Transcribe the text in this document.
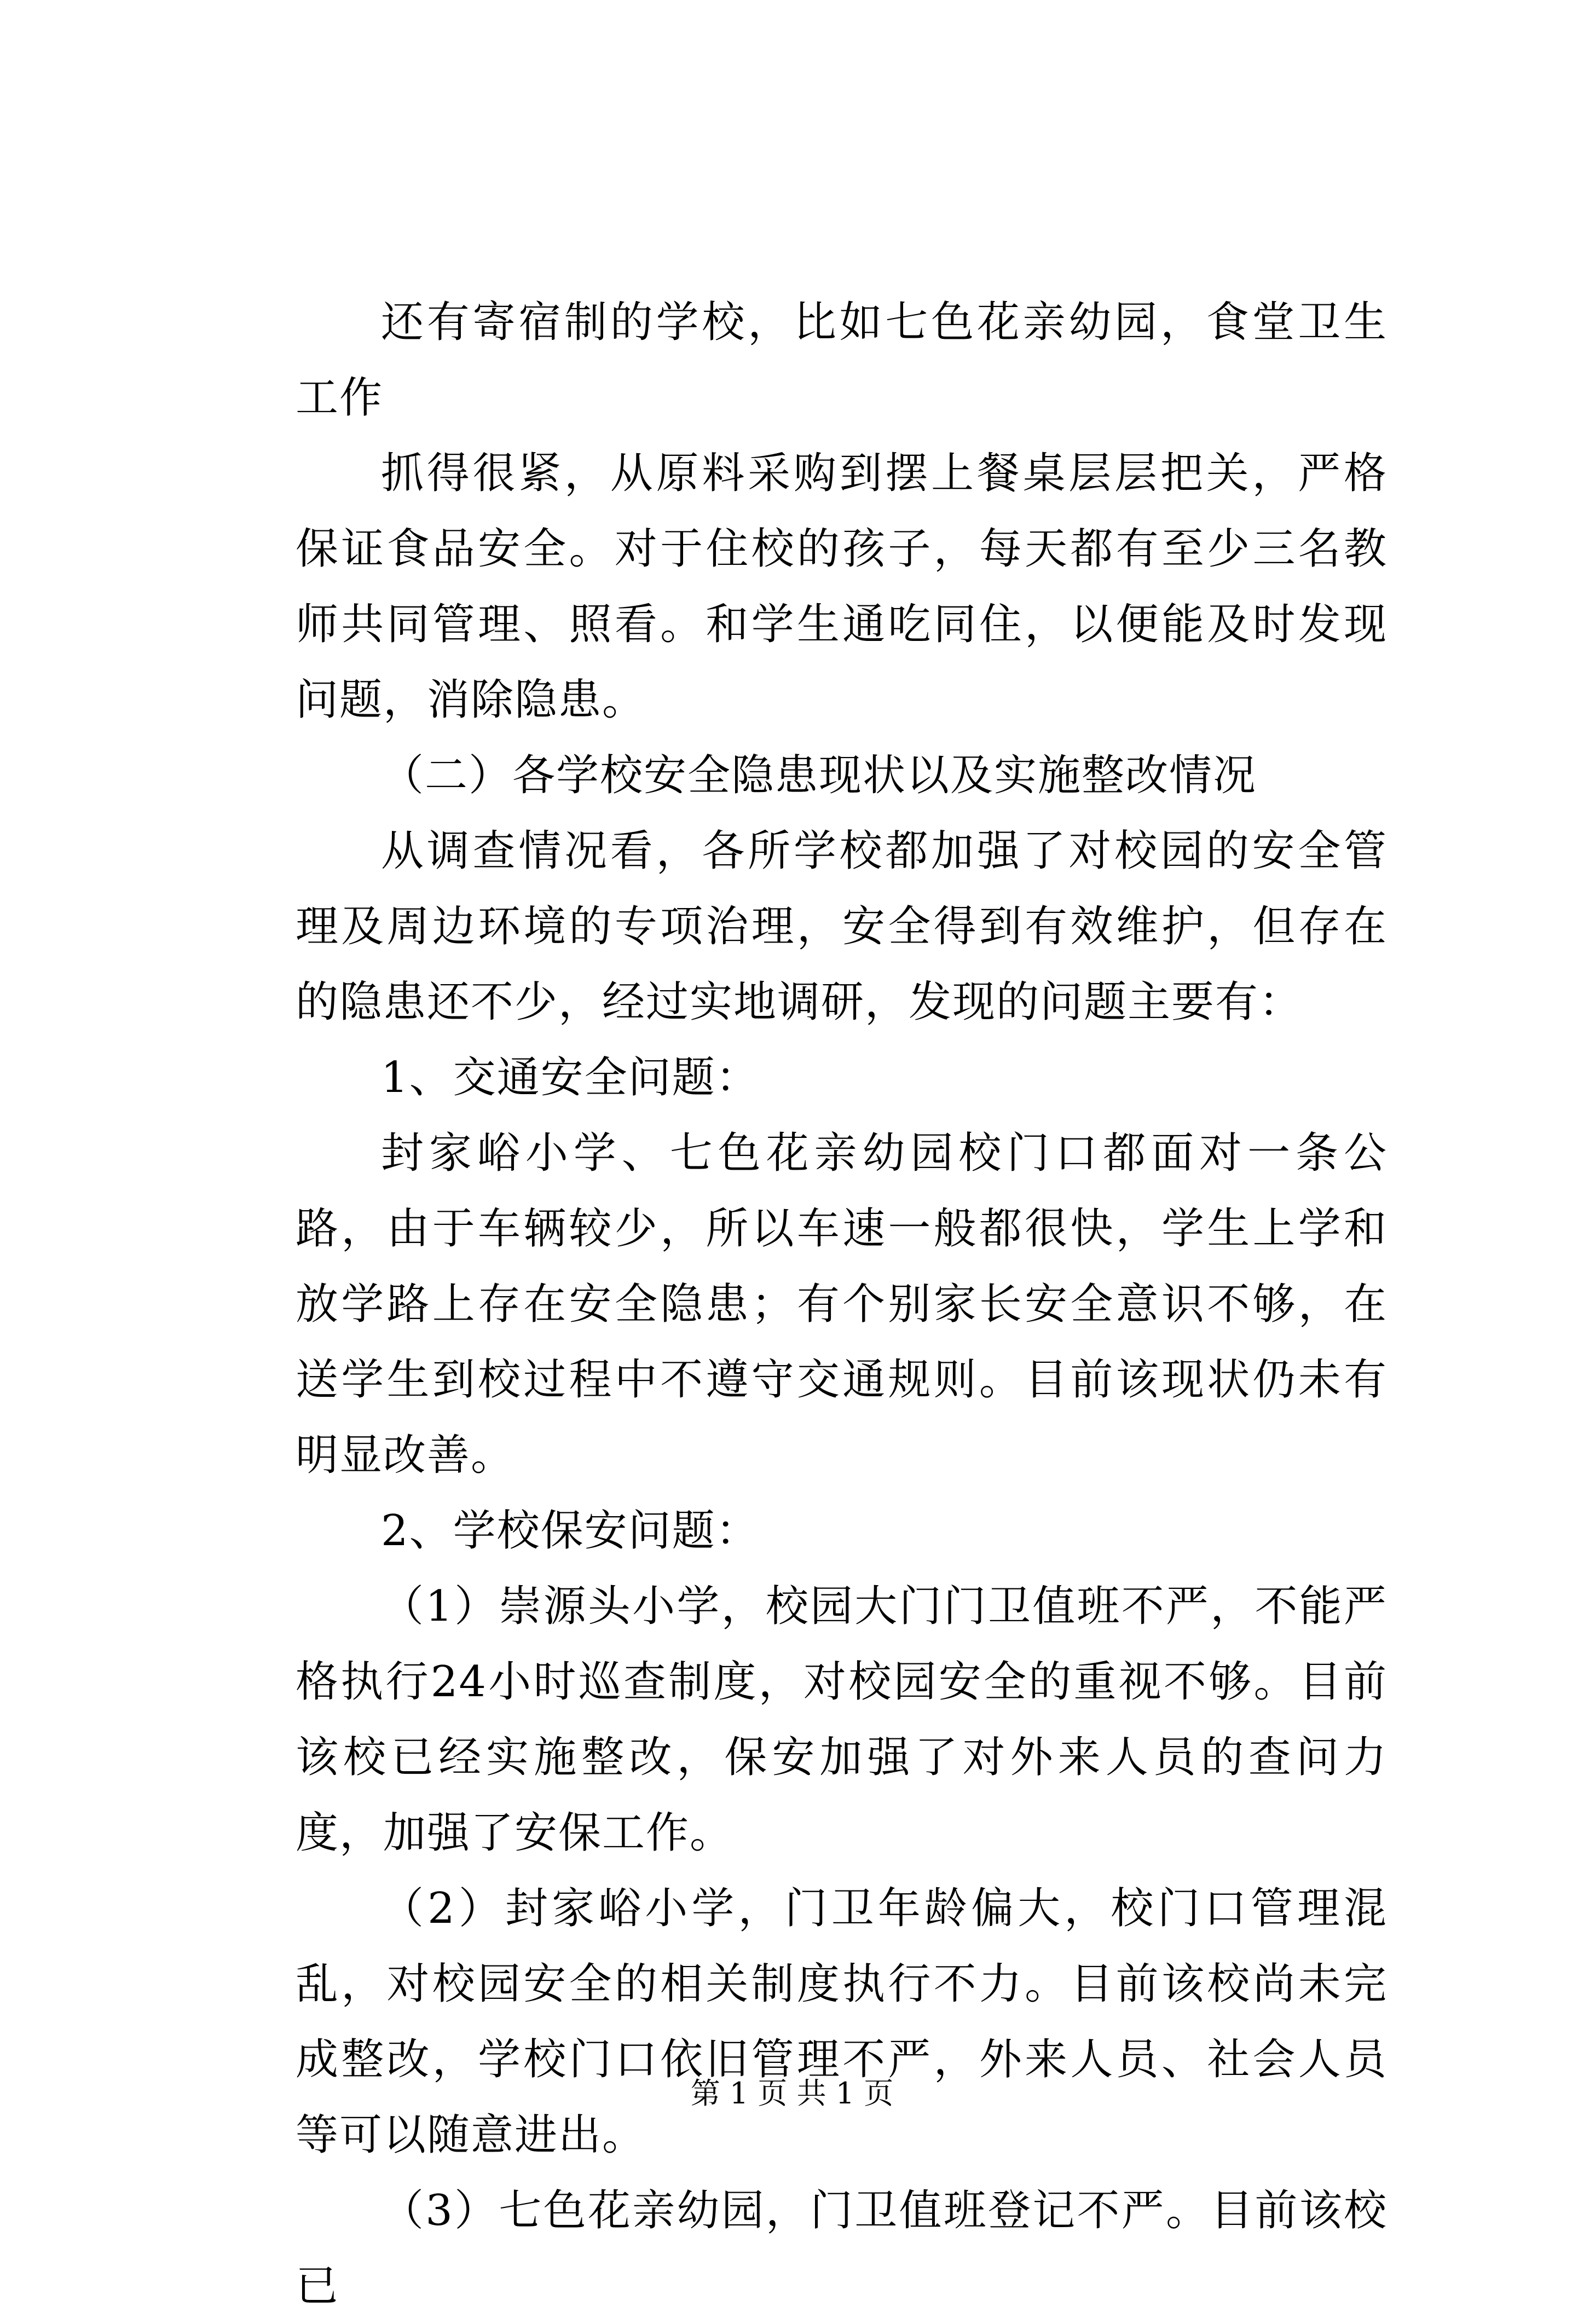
还有寄宿制的学校，比如七色花亲幼园，食堂卫生工作

抓得很紧，从原料采购到摆上餐桌层层把关，严格保证食品安全。对于住校的孩子，每天都有至少三名教师共同管理、照看。和学生通吃同住，以便能及时发现问题，消除隐患。

（二）各学校安全隐患现状以及实施整改情况

从调查情况看，各所学校都加强了对校园的安全管理及周边环境的专项治理，安全得到有效维护，但存在的隐患还不少，经过实地调研，发现的问题主要有：

1、交通安全问题：

封家峪小学、七色花亲幼园校门口都面对一条公路，由于车辆较少，所以车速一般都很快，学生上学和放学路上存在安全隐患；有个别家长安全意识不够，在送学生到校过程中不遵守交通规则。目前该现状仍未有明显改善。

2、学校保安问题：

（1）崇源头小学，校园大门门卫值班不严，不能严格执行24小时巡查制度，对校园安全的重视不够。目前该校已经实施整改，保安加强了对外来人员的查问力度，加强了安保工作。

（2）封家峪小学，门卫年龄偏大，校门口管理混乱，对校园安全的相关制度执行不力。目前该校尚未完成整改，学校门口依旧管理不严，外来人员、社会人员等可以随意进出。

（3）七色花亲幼园，门卫值班登记不严。目前该校已

第 1 页 共 1 页
